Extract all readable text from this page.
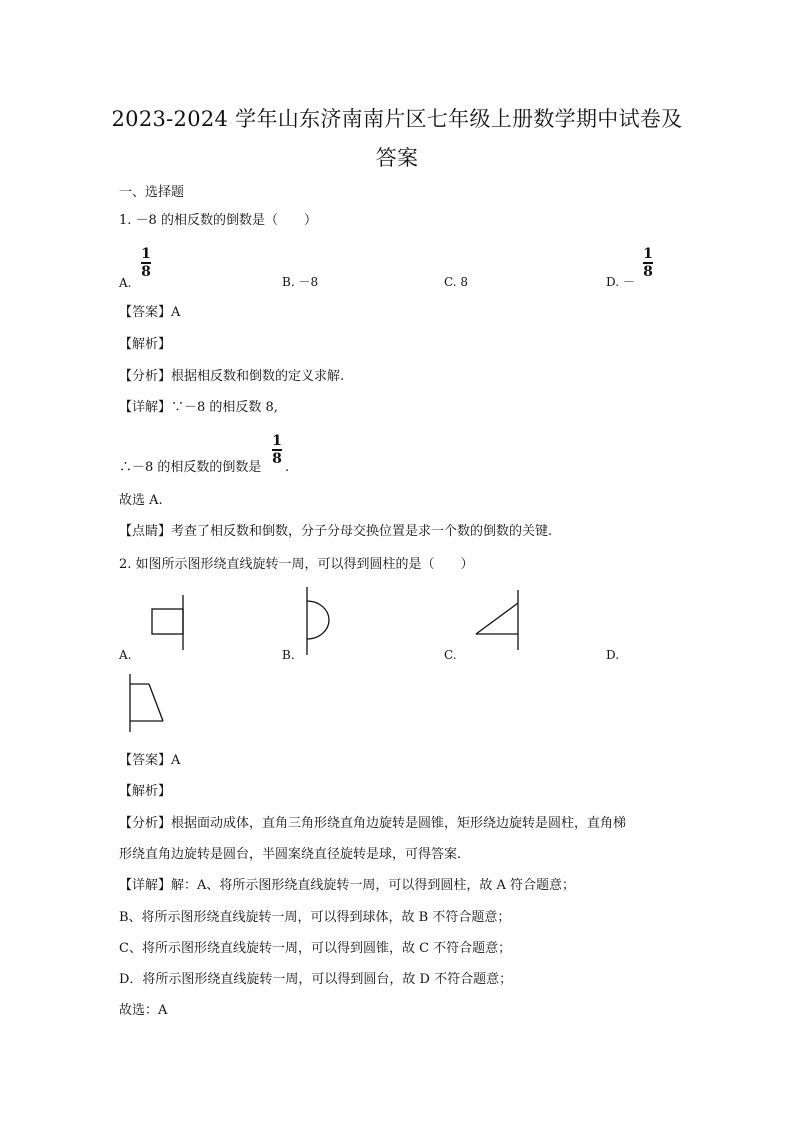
2023-2024 学年山东济南南片区七年级上册数学期中试卷及
答案
一、选择题
1. －8 的相反数的倒数是（　　）
A.
1
8
B. －8	C. 8	D. －
1
8
【答案】A
【解析】
【分析】根据相反数和倒数的定义求解.
【详解】∵－8 的相反数 8,
∴－8 的相反数的倒数是
1
8
.
故选 A.
【点睛】考查了相反数和倒数，分子分母交换位置是求一个数的倒数的关键.
2. 如图所示图形绕直线旋转一周，可以得到圆柱的是（　　）
A.	B.	C.	D.
【答案】A
【解析】
【分析】根据面动成体，直角三角形绕直角边旋转是圆锥，矩形绕边旋转是圆柱，直角梯
形绕直角边旋转是圆台，半圆案绕直径旋转是球，可得答案.
【详解】解：A、将所示图形绕直线旋转一周，可以得到圆柱，故 A 符合题意；
B、将所示图形绕直线旋转一周，可以得到球体，故 B 不符合题意；
C、将所示图形绕直线旋转一周，可以得到圆锥，故 C 不符合题意；
D．将所示图形绕直线旋转一周，可以得到圆台，故 D 不符合题意；
故选：A
